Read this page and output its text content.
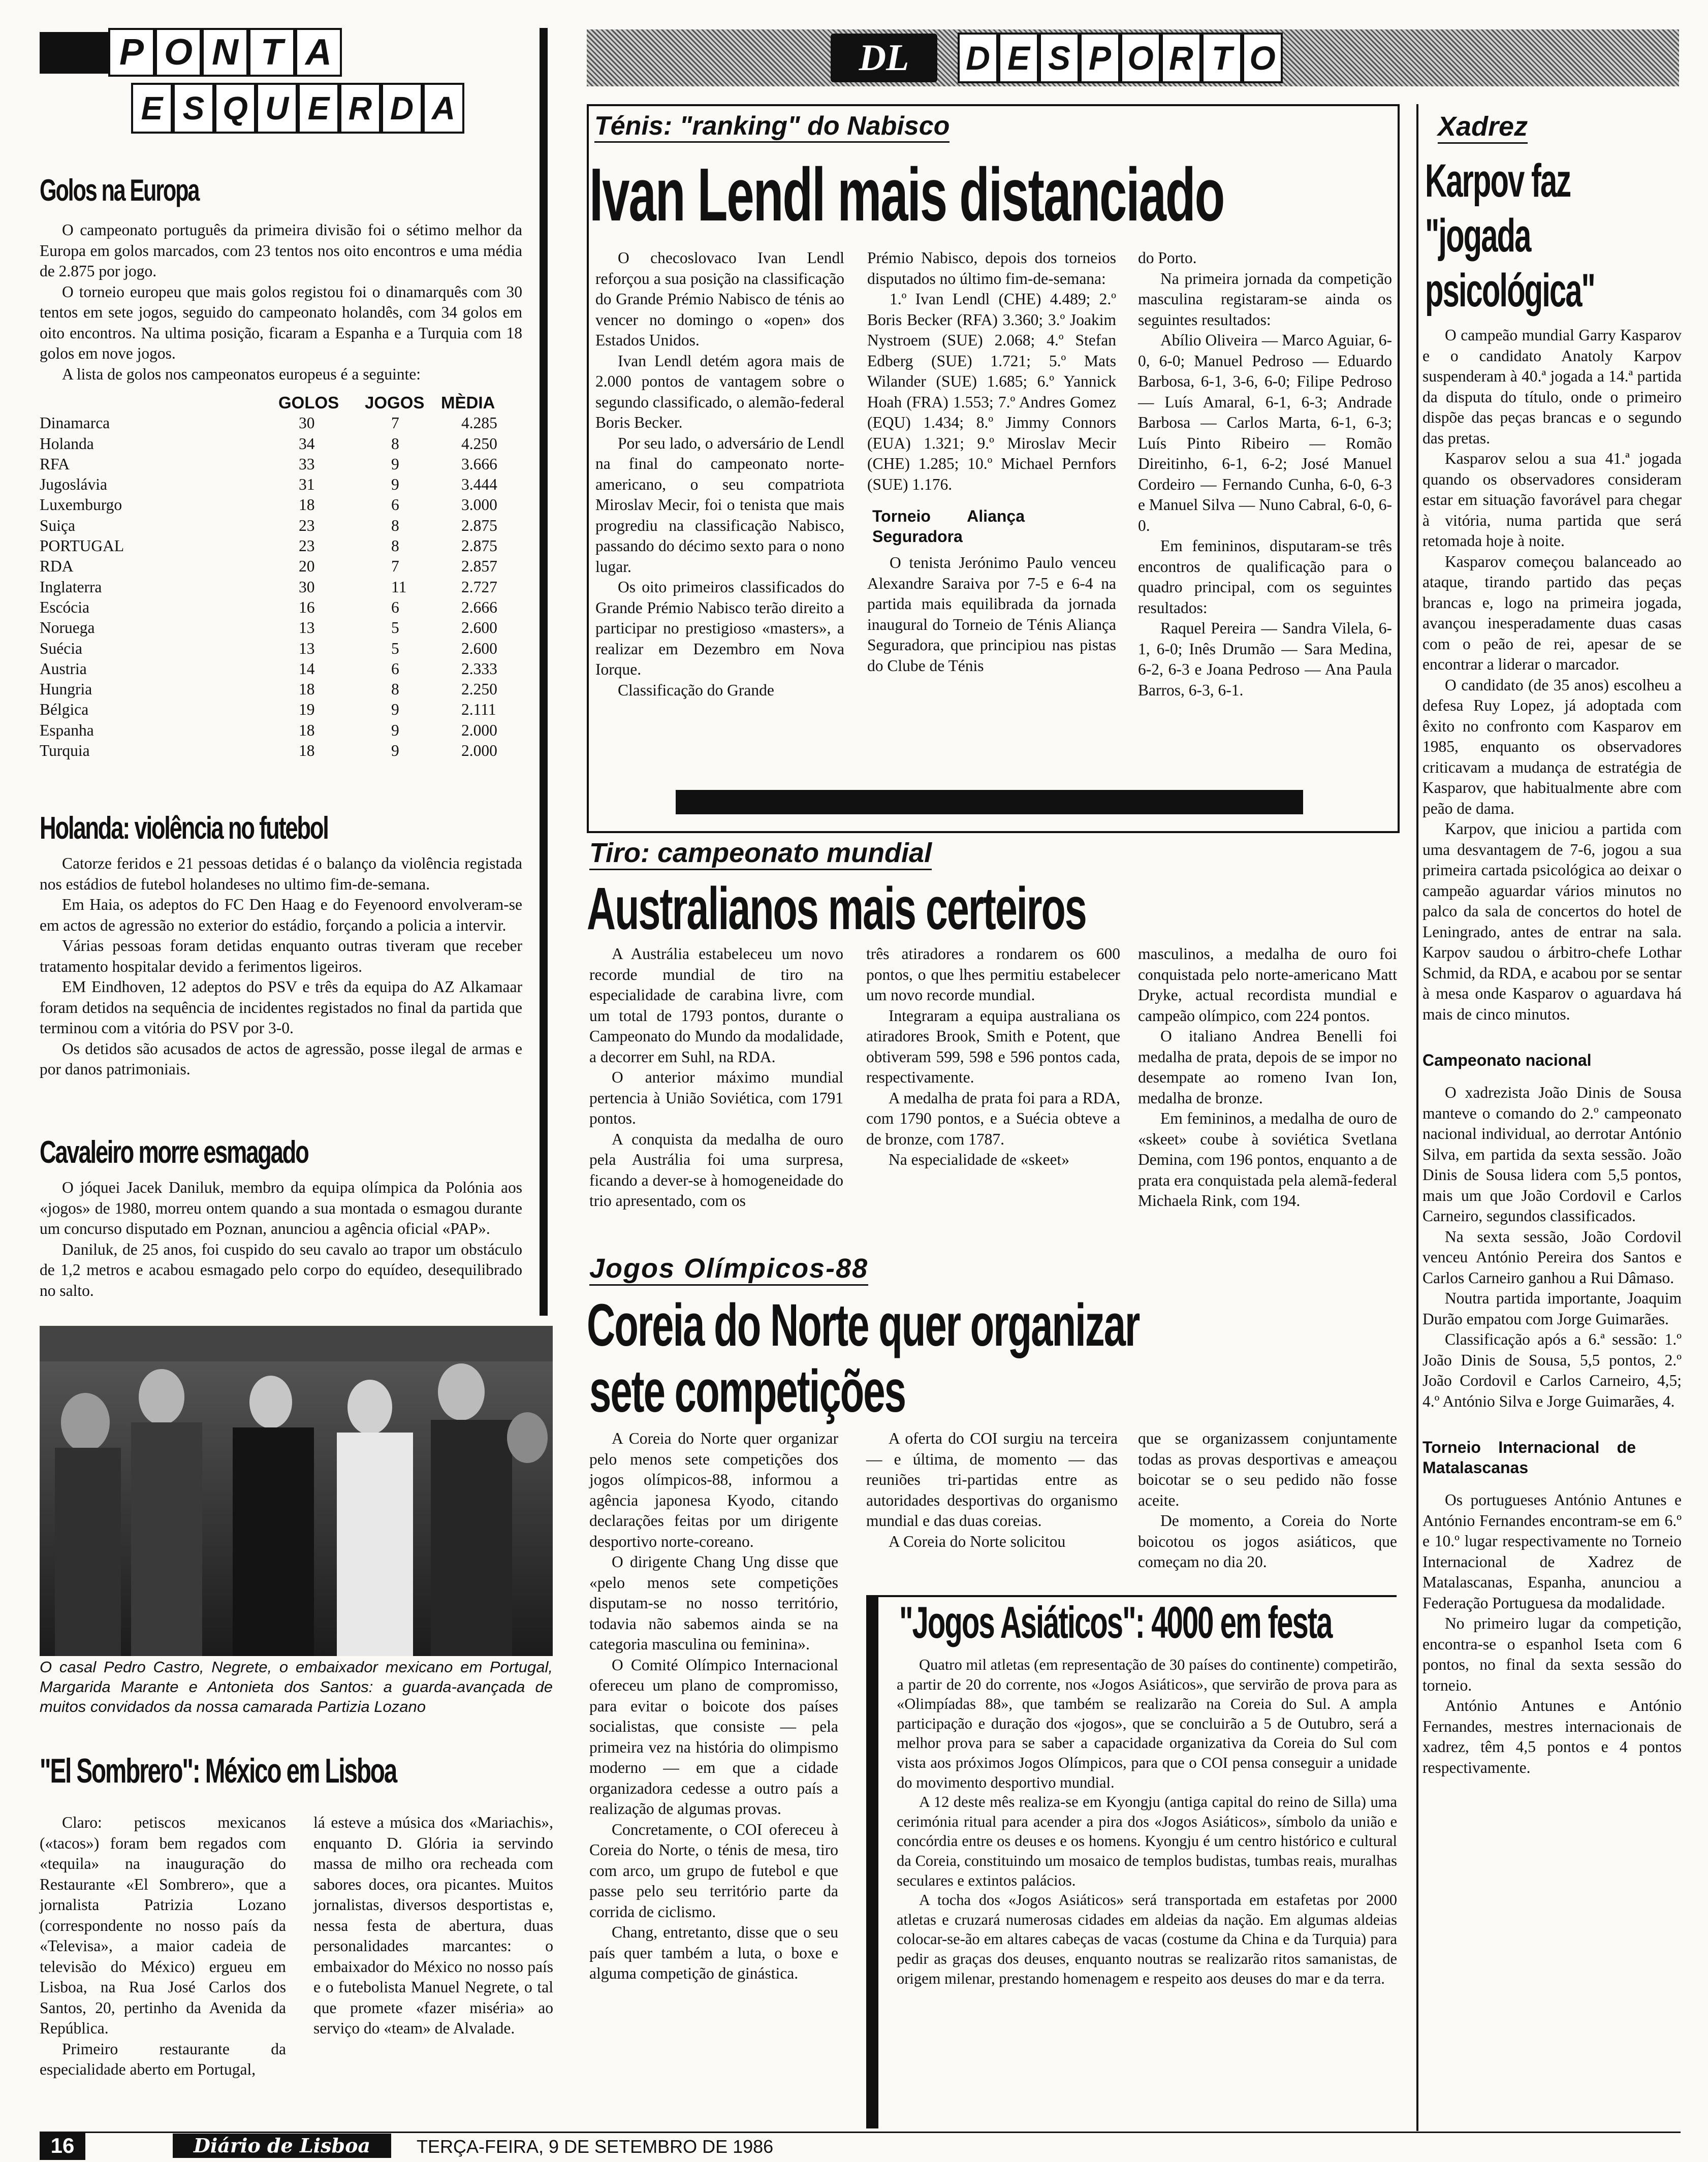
P O N T A
E S Q U E R D A
Golos na Europa

O campeonato português da primeira divisão foi o sétimo melhor da Europa em golos marcados, com 23 tentos nos oito encontros e uma média de 2.875 por jogo.

O torneio europeu que mais golos registou foi o dinamarquês com 30 tentos em sete jogos, seguido do campeonato holandês, com 34 golos em oito encontros. Na ultima posição, ficaram a Espanha e a Turquia com 18 golos em nove jogos.

A lista de golos nos campeonatos europeus é a seguinte:

	GOLOS	JOGOS	MÈDIA
Dinamarca	30	7	4.285
Holanda	34	8	4.250
RFA	33	9	3.666
Jugoslávia	31	9	3.444
Luxemburgo	18	6	3.000
Suiça	23	8	2.875
PORTUGAL	23	8	2.875
RDA	20	7	2.857
Inglaterra	30	11	2.727
Escócia	16	6	2.666
Noruega	13	5	2.600
Suécia	13	5	2.600
Austria	14	6	2.333
Hungria	18	8	2.250
Bélgica	19	9	2.111
Espanha	18	9	2.000
Turquia	18	9	2.000
Holanda: violência no futebol

Catorze feridos e 21 pessoas detidas é o balanço da violência registada nos estádios de futebol holandeses no ultimo fim-de-semana.

Em Haia, os adeptos do FC Den Haag e do Feyenoord envolveram-se em actos de agressão no exterior do estádio, forçando a policia a intervir.

Várias pessoas foram detidas enquanto outras tiveram que receber tratamento hospitalar devido a ferimentos ligeiros.

EM Eindhoven, 12 adeptos do PSV e três da equipa do AZ Alkamaar foram detidos na sequência de incidentes registados no final da partida que terminou com a vitória do PSV por 3-0.

Os detidos são acusados de actos de agressão, posse ilegal de armas e por danos patrimoniais.

Cavaleiro morre esmagado

O jóquei Jacek Daniluk, membro da equipa olímpica da Polónia aos «jogos» de 1980, morreu ontem quando a sua montada o esmagou durante um concurso disputado em Poznan, anunciou a agência oficial «PAP».

Daniluk, de 25 anos, foi cuspido do seu cavalo ao trapor um obstáculo de 1,2 metros e acabou esmagado pelo corpo do equídeo, desequilibrado no salto.

O casal Pedro Castro, Negrete, o embaixador mexicano em Portugal, Margarida Marante e Antonieta dos Santos: a guarda-avançada de muitos convidados da nossa camarada Partizia Lozano
"El Sombrero": México em Lisboa

Claro: petiscos mexicanos («tacos») foram bem regados com «tequila» na inauguração do Restaurante «El Sombrero», que a jornalista Patrizia Lozano (correspondente no nosso país da «Televisa», a maior cadeia de televisão do México) ergueu em Lisboa, na Rua José Carlos dos Santos, 20, pertinho da Avenida da República.

Primeiro restaurante da especialidade aberto em Portugal,

lá esteve a música dos «Mariachis», enquanto D. Glória ia servindo massa de milho ora recheada com sabores doces, ora picantes. Muitos jornalistas, diversos desportistas e, nessa festa de abertura, duas personalidades marcantes: o embaixador do México no nosso país e o futebolista Manuel Negrete, o tal que promete «fazer miséria» ao serviço do «team» de Alvalade.

DL	D E S P O R T O
Ténis: "ranking" do Nabisco
Ivan Lendl mais distanciado

O checoslovaco Ivan Lendl reforçou a sua posição na classificação do Grande Prémio Nabisco de ténis ao vencer no domingo o «open» dos Estados Unidos.

Ivan Lendl detém agora mais de 2.000 pontos de vantagem sobre o segundo classificado, o alemão-federal Boris Becker.

Por seu lado, o adversário de Lendl na final do campeonato norte-americano, o seu compatriota Miroslav Mecir, foi o tenista que mais progrediu na classificação Nabisco, passando do décimo sexto para o nono lugar.

Os oito primeiros classificados do Grande Prémio Nabisco terão direito a participar no prestigioso «masters», a realizar em Dezembro em Nova Iorque.

Classificação do Grande

Prémio Nabisco, depois dos torneios disputados no último fim-de-semana:

1.º Ivan Lendl (CHE) 4.489; 2.º Boris Becker (RFA) 3.360; 3.º Joakim Nystroem (SUE) 2.068; 4.º Stefan Edberg (SUE) 1.721; 5.º Mats Wilander (SUE) 1.685; 6.º Yannick Hoah (FRA) 1.553; 7.º Andres Gomez (EQU) 1.434; 8.º Jimmy Connors (EUA) 1.321; 9.º Miroslav Mecir (CHE) 1.285; 10.º Michael Pernfors (SUE) 1.176.

Torneio Aliança Seguradora

O tenista Jerónimo Paulo venceu Alexandre Saraiva por 7-5 e 6-4 na partida mais equilibrada da jornada inaugural do Torneio de Ténis Aliança Seguradora, que principiou nas pistas do Clube de Ténis

do Porto.

Na primeira jornada da competição masculina registaram-se ainda os seguintes resultados:

Abílio Oliveira — Marco Aguiar, 6-0, 6-0; Manuel Pedroso — Eduardo Barbosa, 6-1, 3-6, 6-0; Filipe Pedroso — Luís Amaral, 6-1, 6-3; Andrade Barbosa — Carlos Marta, 6-1, 6-3; Luís Pinto Ribeiro — Romão Direitinho, 6-1, 6-2; José Manuel Cordeiro — Fernando Cunha, 6-0, 6-3 e Manuel Silva — Nuno Cabral, 6-0, 6-0.

Em femininos, disputaram-se três encontros de qualificação para o quadro principal, com os seguintes resultados:

Raquel Pereira — Sandra Vilela, 6-1, 6-0; Inês Drumão — Sara Medina, 6-2, 6-3 e Joana Pedroso — Ana Paula Barros, 6-3, 6-1.

Xadrez
Karpov faz
"jogada
psicológica"

O campeão mundial Garry Kasparov e o candidato Anatoly Karpov suspenderam à 40.ª jogada a 14.ª partida da disputa do título, onde o primeiro dispõe das peças brancas e o segundo das pretas.

Kasparov selou a sua 41.ª jogada quando os observadores consideram estar em situação favorável para chegar à vitória, numa partida que será retomada hoje à noite.

Kasparov começou balanceado ao ataque, tirando partido das peças brancas e, logo na primeira jogada, avançou inesperadamente duas casas com o peão de rei, apesar de se encontrar a liderar o marcador.

O candidato (de 35 anos) escolheu a defesa Ruy Lopez, já adoptada com êxito no confronto com Kasparov em 1985, enquanto os observadores criticavam a mudança de estratégia de Kasparov, que habitualmente abre com peão de dama.

Karpov, que iniciou a partida com uma desvantagem de 7-6, jogou a sua primeira cartada psicológica ao deixar o campeão aguardar vários minutos no palco da sala de concertos do hotel de Leningrado, antes de entrar na sala. Karpov saudou o árbitro-chefe Lothar Schmid, da RDA, e acabou por se sentar à mesa onde Kasparov o aguardava há mais de cinco minutos.

Campeonato nacional

O xadrezista João Dinis de Sousa manteve o comando do 2.º campeonato nacional individual, ao derrotar António Silva, em partida da sexta sessão. João Dinis de Sousa lidera com 5,5 pontos, mais um que João Cordovil e Carlos Carneiro, segundos classificados.

Na sexta sessão, João Cordovil venceu António Pereira dos Santos e Carlos Carneiro ganhou a Rui Dâmaso.

Noutra partida importante, Joaquim Durão empatou com Jorge Guimarães.

Classificação após a 6.ª sessão: 1.º João Dinis de Sousa, 5,5 pontos, 2.º João Cordovil e Carlos Carneiro, 4,5; 4.º António Silva e Jorge Guimarães, 4.

Torneio Internacional de Matalascanas

Os portugueses António Antunes e António Fernandes encontram-se em 6.º e 10.º lugar respectivamente no Torneio Internacional de Xadrez de Matalascanas, Espanha, anunciou a Federação Portuguesa da modalidade.

No primeiro lugar da competição, encontra-se o espanhol Iseta com 6 pontos, no final da sexta sessão do torneio.

António Antunes e António Fernandes, mestres internacionais de xadrez, têm 4,5 pontos e 4 pontos respectivamente.

Tiro: campeonato mundial
Australianos mais certeiros

A Austrália estabeleceu um novo recorde mundial de tiro na especialidade de carabina livre, com um total de 1793 pontos, durante o Campeonato do Mundo da modalidade, a decorrer em Suhl, na RDA.

O anterior máximo mundial pertencia à União Soviética, com 1791 pontos.

A conquista da medalha de ouro pela Austrália foi uma surpresa, ficando a dever-se à homogeneidade do trio apresentado, com os

três atiradores a rondarem os 600 pontos, o que lhes permitiu estabelecer um novo recorde mundial.

Integraram a equipa australiana os atiradores Brook, Smith e Potent, que obtiveram 599, 598 e 596 pontos cada, respectivamente.

A medalha de prata foi para a RDA, com 1790 pontos, e a Suécia obteve a de bronze, com 1787.

Na especialidade de «skeet»

masculinos, a medalha de ouro foi conquistada pelo norte-americano Matt Dryke, actual recordista mundial e campeão olímpico, com 224 pontos.

O italiano Andrea Benelli foi medalha de prata, depois de se impor no desempate ao romeno Ivan Ion, medalha de bronze.

Em femininos, a medalha de ouro de «skeet» coube à soviética Svetlana Demina, com 196 pontos, enquanto a de prata era conquistada pela alemã-federal Michaela Rink, com 194.

Jogos Olímpicos-88
Coreia do Norte quer organizar
sete competições

A Coreia do Norte quer organizar pelo menos sete competições dos jogos olímpicos-88, informou a agência japonesa Kyodo, citando declarações feitas por um dirigente desportivo norte-coreano.

O dirigente Chang Ung disse que «pelo menos sete competições disputam-se no nosso território, todavia não sabemos ainda se na categoria masculina ou feminina».

O Comité Olímpico Internacional ofereceu um plano de compromisso, para evitar o boicote dos países socialistas, que consiste — pela primeira vez na história do olimpismo moderno — em que a cidade organizadora cedesse a outro país a realização de algumas provas.

Concretamente, o COI ofereceu à Coreia do Norte, o ténis de mesa, tiro com arco, um grupo de futebol e que passe pelo seu território parte da corrida de ciclismo.

Chang, entretanto, disse que o seu país quer também a luta, o boxe e alguma competição de ginástica.

A oferta do COI surgiu na terceira — e última, de momento — das reuniões tri-partidas entre as autoridades desportivas do organismo mundial e das duas coreias.

A Coreia do Norte solicitou

que se organizassem conjuntamente todas as provas desportivas e ameaçou boicotar se o seu pedido não fosse aceite.

De momento, a Coreia do Norte boicotou os jogos asiáticos, que começam no dia 20.

"Jogos Asiáticos": 4000 em festa

Quatro mil atletas (em representação de 30 países do continente) competirão, a partir de 20 do corrente, nos «Jogos Asiáticos», que servirão de prova para as «Olimpíadas 88», que também se realizarão na Coreia do Sul. A ampla participação e duração dos «jogos», que se concluirão a 5 de Outubro, será a melhor prova para se saber a capacidade organizativa da Coreia do Sul com vista aos próximos Jogos Olímpicos, para que o COI pensa conseguir a unidade do movimento desportivo mundial.

A 12 deste mês realiza-se em Kyongju (antiga capital do reino de Silla) uma cerimónia ritual para acender a pira dos «Jogos Asiáticos», símbolo da união e concórdia entre os deuses e os homens. Kyongju é um centro histórico e cultural da Coreia, constituindo um mosaico de templos budistas, tumbas reais, muralhas seculares e extintos palácios.

A tocha dos «Jogos Asiáticos» será transportada em estafetas por 2000 atletas e cruzará numerosas cidades em aldeias da nação. Em algumas aldeias colocar-se-ão em altares cabeças de vacas (costume da China e da Turquia) para pedir as graças dos deuses, enquanto noutras se realizarão ritos samanistas, de origem milenar, prestando homenagem e respeito aos deuses do mar e da terra.

16	Diário de Lisboa	TERÇA-FEIRA, 9 DE SETEMBRO DE 1986
